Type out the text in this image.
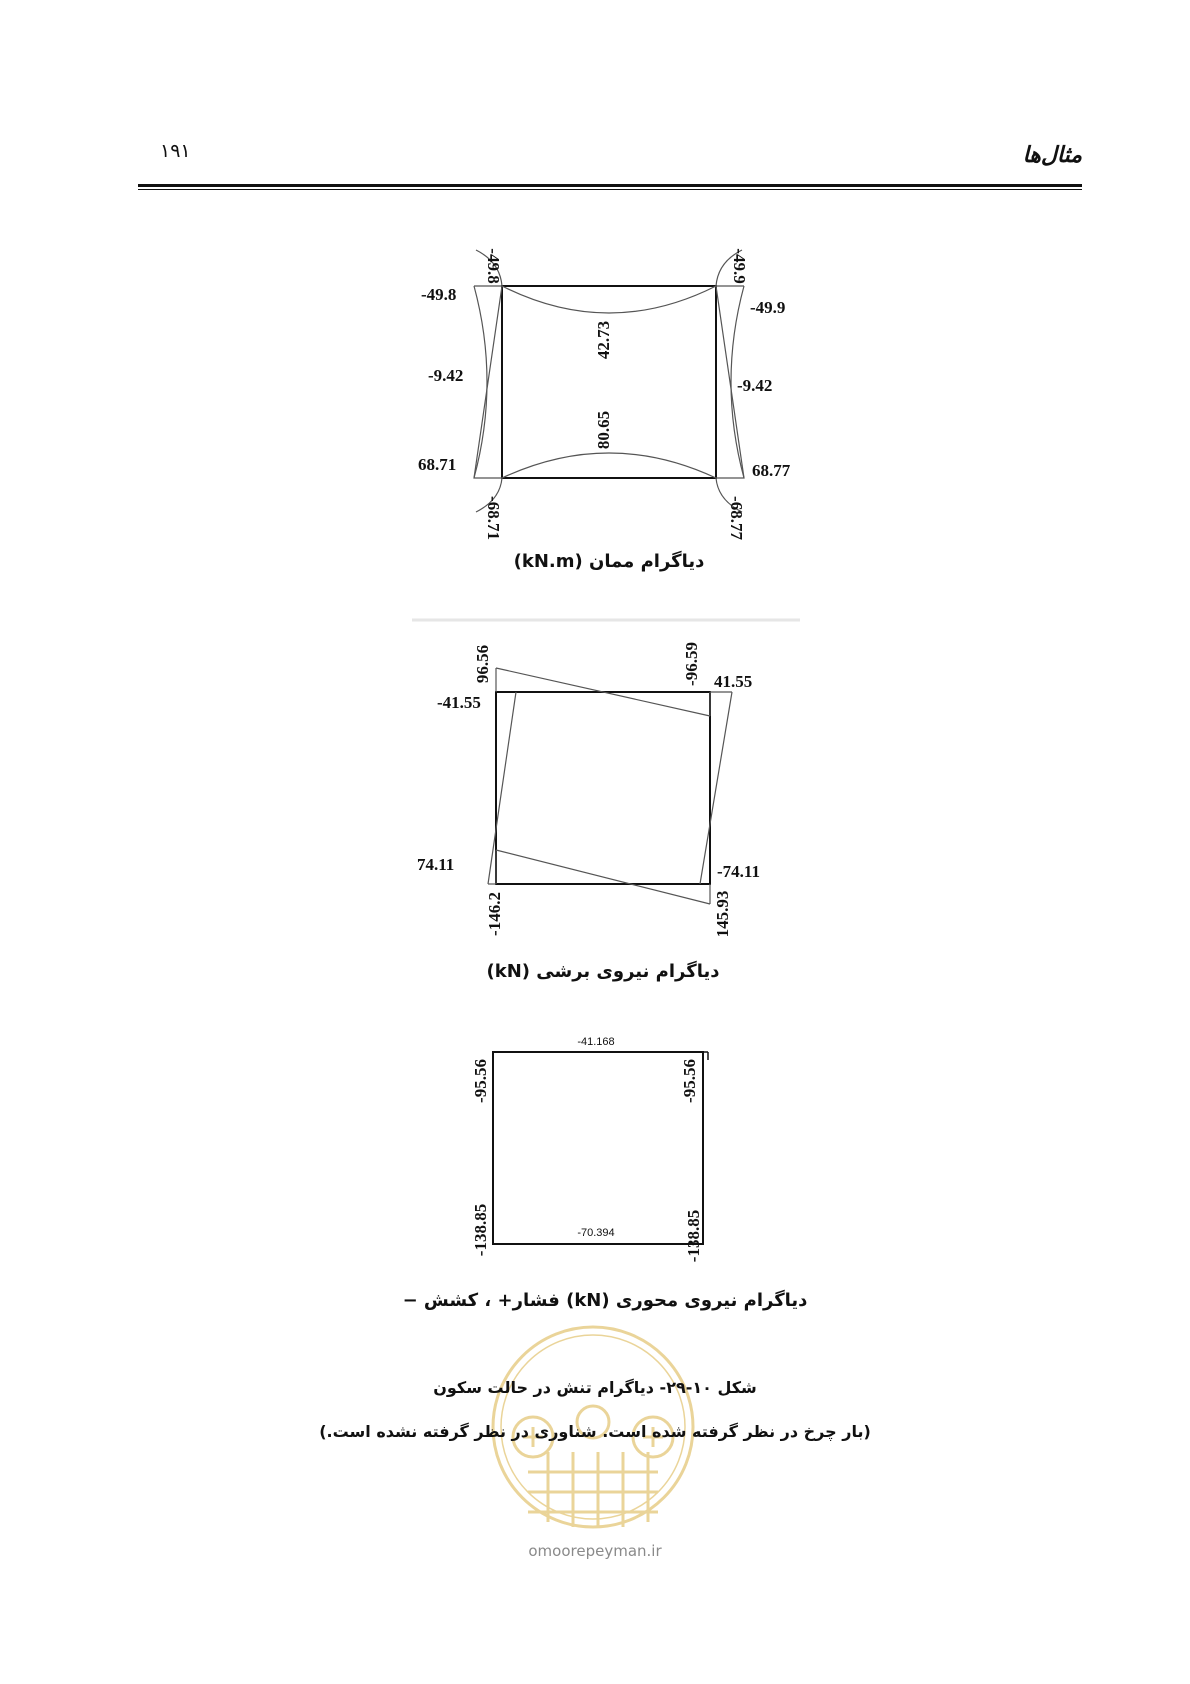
۱۹۱	مثال‌ها
-49.8	-49.9
-49.8
-49.9
42.73
-9.42
-9.42
80.65
68.71	68.77
-68.71	-68.77
دیاگرام ممان (kN.m)
96.56	-96.59
-41.55
41.55
74.11	-74.11
-146.2	145.93
دیاگرام نیروی برشی (kN)
-41.168
-70.394
-95.56	-95.56
-138.85	-138.85
دیاگرام نیروی محوری (kN) فشار+ ، کشش −
omoorepeyman.ir
شکل ۱۰-۲۹- دیاگرام تنش در حالت سکون
(بار چرخ در نظر گرفته شده است. شناوری در نظر گرفته نشده است.)
